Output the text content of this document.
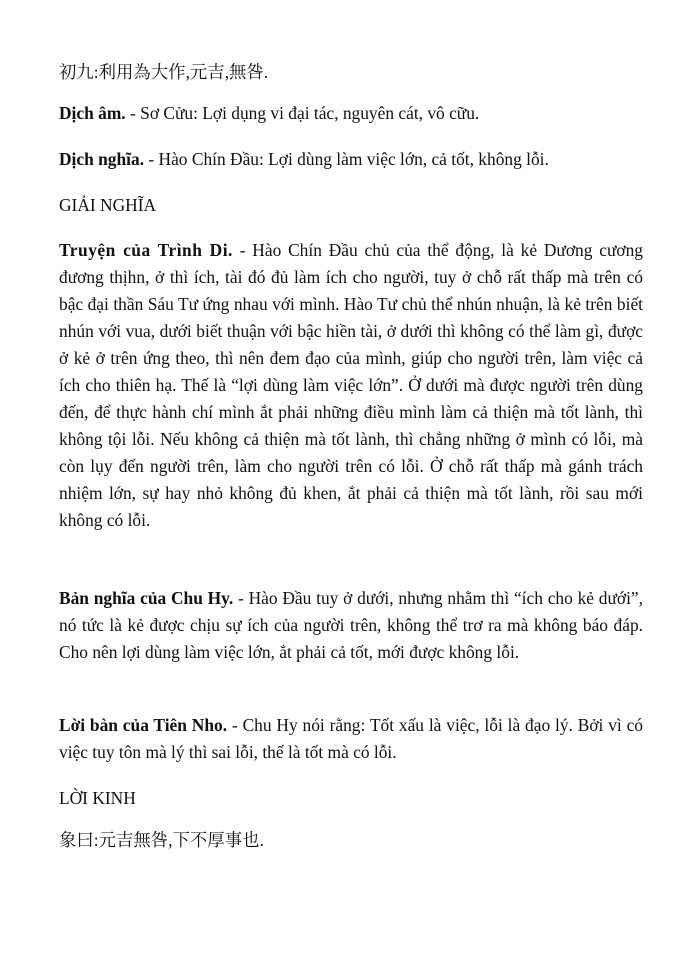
初九:利用為大作,元吉,無咎.

Dịch âm. - Sơ Cửu: Lợi dụng vi đại tác, nguyên cát, vô cữu.

Dịch nghĩa. - Hào Chín Đầu: Lợi dùng làm việc lớn, cả tốt, không lỗi.

GIẢI NGHĨA

Truyện của Trình Di. - Hào Chín Đầu chủ của thể động, là kẻ Dương cương đương thịhn, ở thì ích, tài đó đủ làm ích cho người, tuy ở chỗ rất thấp mà trên có bậc đại thần Sáu Tư ứng nhau với mình. Hào Tư chủ thể nhún nhuận, là kẻ trên biết nhún với vua, dưới biết thuận với bậc hiền tài, ở dưới thì không có thể làm gì, được ở kẻ ở trên ứng theo, thì nên đem đạo của mình, giúp cho người trên, làm việc cả ích cho thiên hạ. Thế là “lợi dùng làm việc lớn”. Ở dưới mà được người trên dùng đến, để thực hành chí mình ắt phải những điều mình làm cả thiện mà tốt lành, thì không tội lỗi. Nếu không cả thiện mà tốt lành, thì chẳng những ở mình có lỗi, mà còn lụy đến người trên, làm cho người trên có lỗi. Ở chỗ rất thấp mà gánh trách nhiệm lớn, sự hay nhỏ không đủ khen, ắt phải cả thiện mà tốt lành, rồi sau mới không có lỗi.

Bản nghĩa của Chu Hy. - Hào Đầu tuy ở dưới, nhưng nhằm thì “ích cho kẻ dưới”, nó tức là kẻ được chịu sự ích của người trên, không thể trơ ra mà không báo đáp. Cho nên lợi dùng làm việc lớn, ắt phải cả tốt, mới được không lỗi.

Lời bàn của Tiên Nho. - Chu Hy nói rằng: Tốt xấu là việc, lỗi là đạo lý. Bởi vì có việc tuy tôn mà lý thì sai lỗi, thế là tốt mà có lỗi.

LỜI KINH

象曰:元吉無咎,下不厚事也.
